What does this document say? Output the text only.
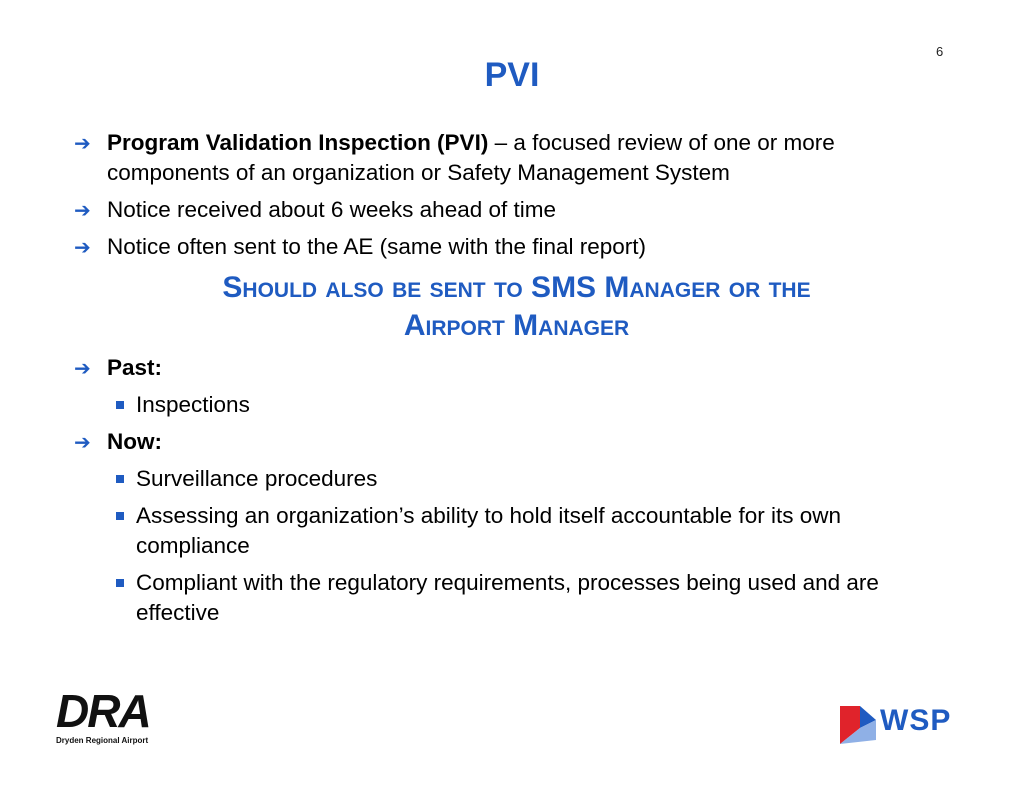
6
PVI
➔ Program Validation Inspection (PVI) – a focused review of one or more components of an organization or Safety Management System
➔ Notice received about 6 weeks ahead of time
➔ Notice often sent to the AE (same with the final report)
Should also be sent to SMS Manager or the
Airport Manager
➔ Past:
Inspections
➔ Now:
Surveillance procedures
Assessing an organization’s ability to hold itself accountable for its own compliance
Compliant with the regulatory requirements, processes being used and are effective
DRA
Dryden Regional Airport
WSP
